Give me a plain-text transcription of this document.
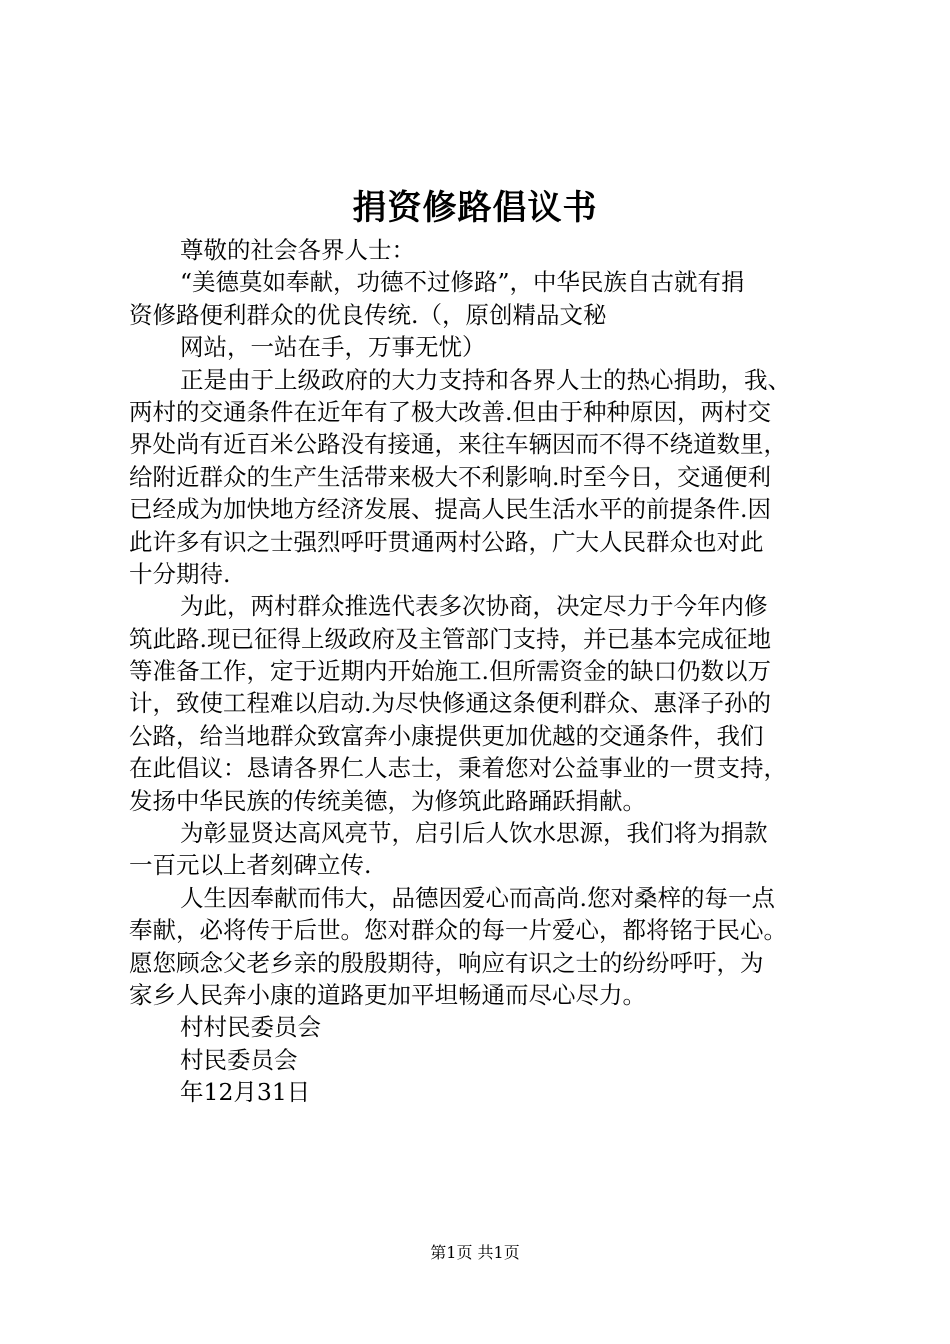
捐资修路倡议书
尊敬的社会各界人士：
“美德莫如奉献，功德不过修路”，中华民族自古就有捐
资修路便利群众的优良传统.（，原创精品文秘
网站，一站在手，万事无忧）
正是由于上级政府的大力支持和各界人士的热心捐助，我、
两村的交通条件在近年有了极大改善.但由于种种原因，两村交
界处尚有近百米公路没有接通，来往车辆因而不得不绕道数里，
给附近群众的生产生活带来极大不利影响.时至今日，交通便利
已经成为加快地方经济发展、提高人民生活水平的前提条件.因
此许多有识之士强烈呼吁贯通两村公路，广大人民群众也对此
十分期待.
为此，两村群众推选代表多次协商，决定尽力于今年内修
筑此路.现已征得上级政府及主管部门支持，并已基本完成征地
等准备工作，定于近期内开始施工.但所需资金的缺口仍数以万
计，致使工程难以启动.为尽快修通这条便利群众、惠泽子孙的
公路，给当地群众致富奔小康提供更加优越的交通条件，我们
在此倡议：恳请各界仁人志士，秉着您对公益事业的一贯支持，
发扬中华民族的传统美德，为修筑此路踊跃捐献。
为彰显贤达高风亮节，启引后人饮水思源，我们将为捐款
一百元以上者刻碑立传.
人生因奉献而伟大，品德因爱心而高尚.您对桑梓的每一点
奉献，必将传于后世。您对群众的每一片爱心，都将铭于民心。
愿您顾念父老乡亲的殷殷期待，响应有识之士的纷纷呼吁，为
家乡人民奔小康的道路更加平坦畅通而尽心尽力。
村村民委员会
村民委员会
年12月31日
第1页 共1页
